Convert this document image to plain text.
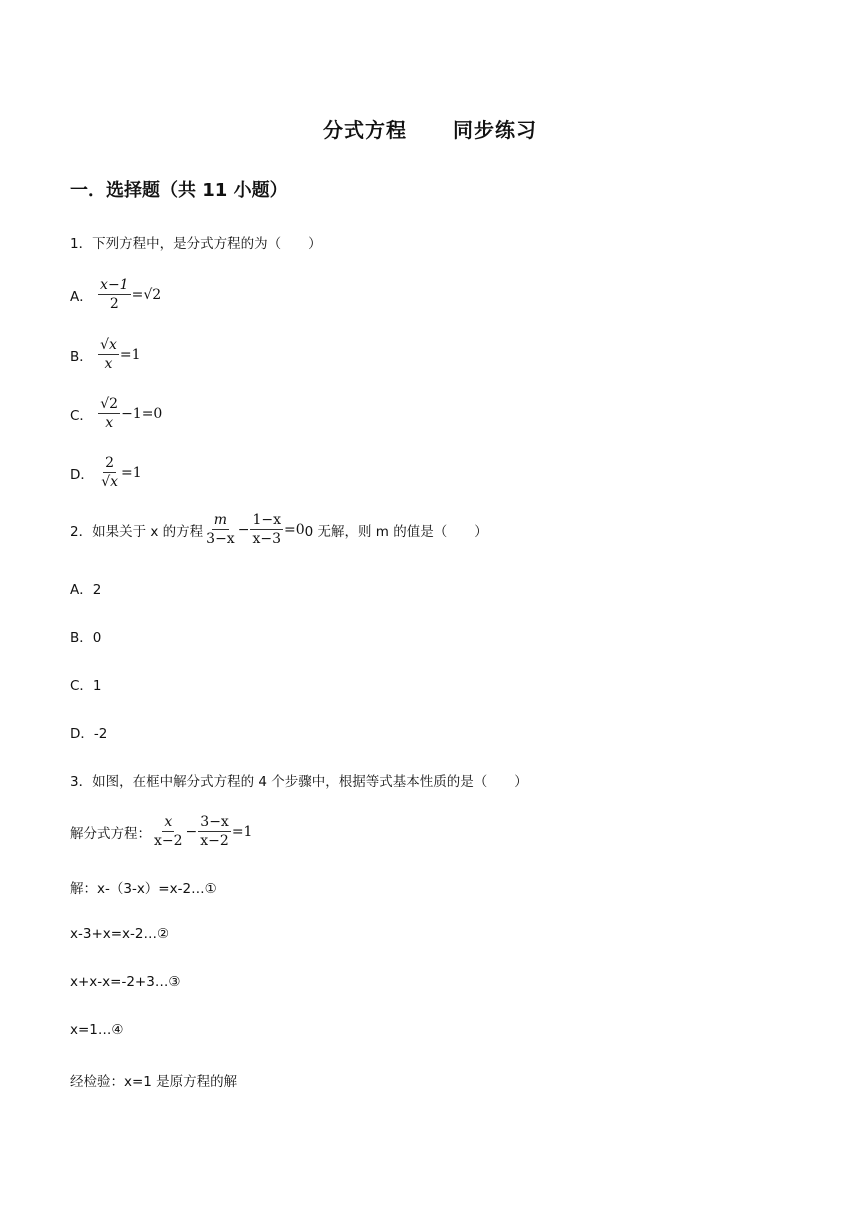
分式方程 同步练习
一．选择题（共 11 小题）
1．下列方程中，是分式方程的为（　　）
A． $\frac{x-1}{2} =√2$
B． $\frac{√x}{x} =1$
C． $\frac{√2}{x} -1=0$
D． $\frac{2}{√x} =1$
2．如果关于 x 的方程 $\frac{m}{3-x} - \frac{1-x}{x-3} =0$ 0 无解，则 m 的值是（　　）
A．2
B．0
C．1
D．-2
3．如图，在框中解分式方程的 4 个步骤中，根据等式基本性质的是（　　）
解分式方程： $\frac{x}{x-2} - \frac{3-x}{x-2} =1$
解：x-（3-x）=x-2…①
x-3+x=x-2…②
x+x-x=-2+3…③
x=1…④
经检验：x=1 是原方程的解
